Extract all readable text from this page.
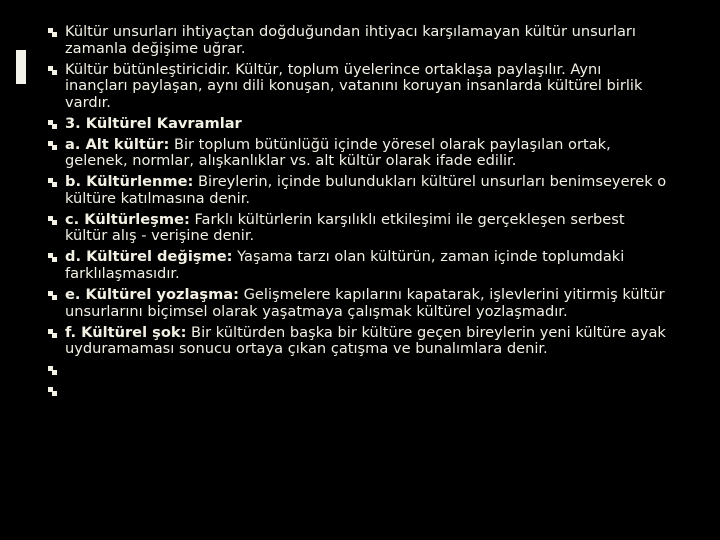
Kültür unsurları ihtiyaçtan doğduğundan ihtiyacı karşılamayan kültür unsurları zamanla değişime uğrar.
Kültür bütünleştiricidir. Kültür, toplum üyelerince ortaklaşa paylaşılır. Aynı inançları paylaşan, aynı dili konuşan, vatanını koruyan insanlarda kültürel birlik vardır.
3. Kültürel Kavramlar
a. Alt kültür: Bir toplum bütünlüğü içinde yöresel olarak paylaşılan ortak, gelenek, normlar, alışkanlıklar vs. alt kültür olarak ifade edilir.
b. Kültürlenme: Bireylerin, içinde bulundukları kültürel unsurları benimseyerek o kültüre katılmasına denir.
c. Kültürleşme: Farklı kültürlerin karşılıklı etkileşimi ile gerçekleşen serbest kültür alış - verişine denir.
d. Kültürel değişme: Yaşama tarzı olan kültürün, zaman içinde toplumdaki farklılaşmasıdır.
e. Kültürel yozlaşma: Gelişmelere kapılarını kapatarak, işlevlerini yitirmiş kültür unsurlarını biçimsel olarak yaşatmaya çalışmak kültürel yozlaşmadır.
f. Kültürel şok: Bir kültürden başka bir kültüre geçen bireylerin yeni kültüre ayak uyduramaması sonucu ortaya çıkan çatışma ve bunalımlara denir.
